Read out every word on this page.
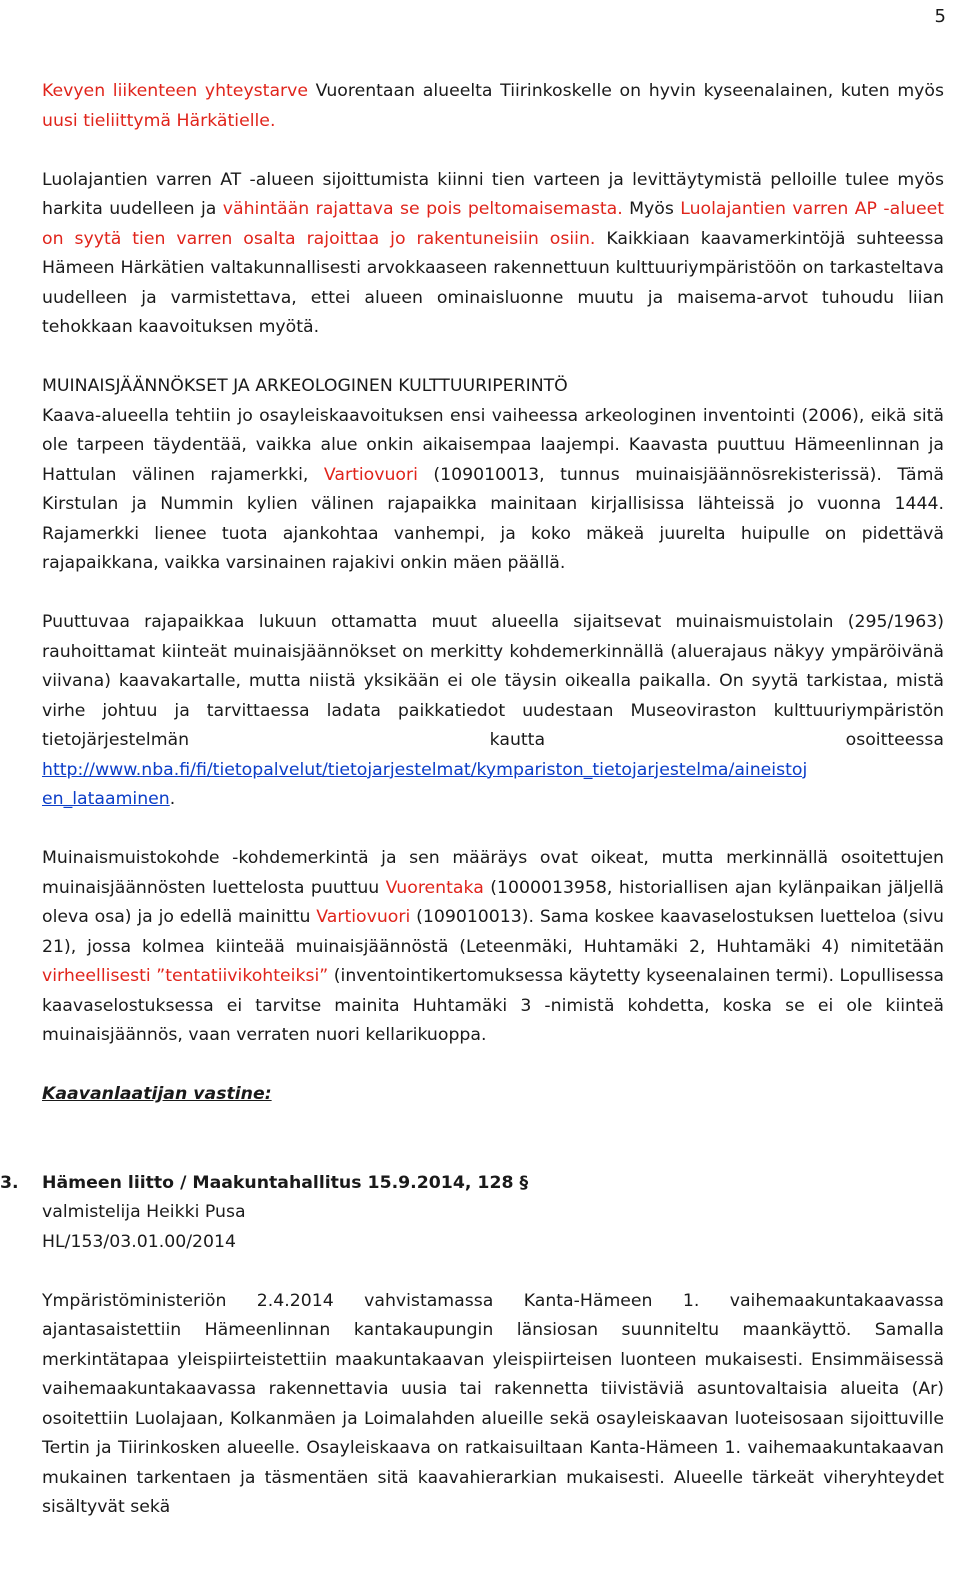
5

Kevyen liikenteen yhteystarve Vuorentaan alueelta Tiirinkoskelle on hyvin kyseenalainen, kuten myös uusi tieliittymä Härkätielle.

Luolajantien varren AT -alueen sijoittumista kiinni tien varteen ja levittäytymistä pelloille tulee myös harkita uudelleen ja vähintään rajattava se pois peltomaisemasta. Myös Luolajantien varren AP -alueet on syytä tien varren osalta rajoittaa jo rakentuneisiin osiin. Kaikkiaan kaavamerkintöjä suhteessa Hämeen Härkätien valtakunnallisesti arvokkaaseen rakennettuun kulttuuriympäristöön on tarkasteltava uudelleen ja varmistettava, ettei alueen ominaisluonne muutu ja maisema-arvot tuhoudu liian tehokkaan kaavoituksen myötä.

MUINAISJÄÄNNÖKSET JA ARKEOLOGINEN KULTTUURIPERINTÖ

Kaava-alueella tehtiin jo osayleiskaavoituksen ensi vaiheessa arkeologinen inventointi (2006), eikä sitä ole tarpeen täydentää, vaikka alue onkin aikaisempaa laajempi. Kaavasta puuttuu Hämeenlinnan ja Hattulan välinen rajamerkki, Vartiovuori (109010013, tunnus muinaisjäännösrekisterissä). Tämä Kirstulan ja Nummin kylien välinen rajapaikka mainitaan kirjallisissa lähteissä jo vuonna 1444. Rajamerkki lienee tuota ajankohtaa vanhempi, ja koko mäkeä juurelta huipulle on pidettävä rajapaikkana, vaikka varsinainen rajakivi onkin mäen päällä.

Puuttuvaa rajapaikkaa lukuun ottamatta muut alueella sijaitsevat muinaismuistolain (295/1963) rauhoittamat kiinteät muinaisjäännökset on merkitty kohdemerkinnällä (aluerajaus näkyy ympäröivänä viivana) kaavakartalle, mutta niistä yksikään ei ole täysin oikealla paikalla. On syytä tarkistaa, mistä virhe johtuu ja tarvittaessa ladata paikkatiedot uudestaan Museoviraston kulttuuriympäristön tietojärjestelmän kautta osoitteessa http://www.nba.fi/fi/tietopalvelut/tietojarjestelmat/kympariston_tietojarjestelma/aineistoj en_lataaminen.

Muinaismuistokohde -kohdemerkintä ja sen määräys ovat oikeat, mutta merkinnällä osoitettujen muinaisjäännösten luettelosta puuttuu Vuorentaka (1000013958, historiallisen ajan kylänpaikan jäljellä oleva osa) ja jo edellä mainittu Vartiovuori (109010013). Sama koskee kaavaselostuksen luetteloa (sivu 21), jossa kolmea kiinteää muinaisjäännöstä (Leteenmäki, Huhtamäki 2, Huhtamäki 4) nimitetään virheellisesti ”tentatiivikohteiksi” (inventointikertomuksessa käytetty kyseenalainen termi). Lopullisessa kaavaselostuksessa ei tarvitse mainita Huhtamäki 3 -nimistä kohdetta, koska se ei ole kiinteä muinaisjäännös, vaan verraten nuori kellarikuoppa.

Kaavanlaatijan vastine:

3. Hämeen liitto / Maakuntahallitus 15.9.2014, 128 §

valmistelija Heikki Pusa

HL/153/03.01.00/2014

Ympäristöministeriön 2.4.2014 vahvistamassa Kanta-Hämeen 1. vaihemaakuntakaavassa ajantasaistettiin Hämeenlinnan kantakaupungin länsiosan suunniteltu maankäyttö. Samalla merkintätapaa yleispiirteistettiin maakuntakaavan yleispiirteisen luonteen mukaisesti. Ensimmäisessä vaihemaakuntakaavassa rakennettavia uusia tai rakennetta tiivistäviä asuntovaltaisia alueita (Ar) osoitettiin Luolajaan, Kolkanmäen ja Loimalahden alueille sekä osayleiskaavan luoteisosaan sijoittuville Tertin ja Tiirinkosken alueelle. Osayleiskaava on ratkaisuiltaan Kanta-Hämeen 1. vaihemaakuntakaavan mukainen tarkentaen ja täsmentäen sitä kaavahierarkian mukaisesti. Alueelle tärkeät viheryhteydet sisältyvät sekä
